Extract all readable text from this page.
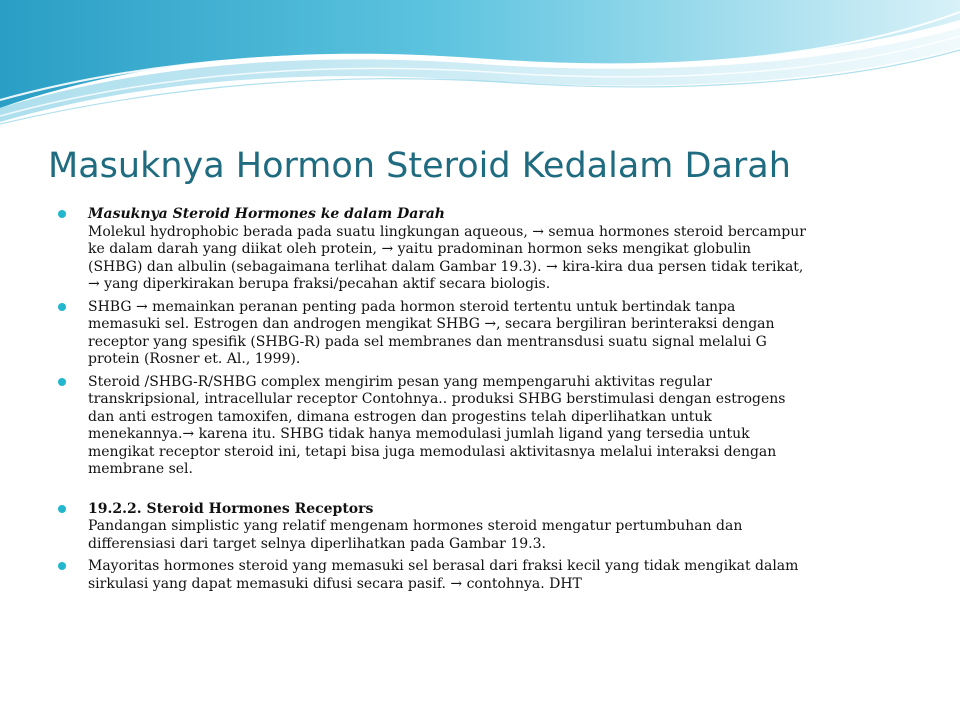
Masuknya Hormon Steroid Kedalam Darah
Masuknya Steroid Hormones ke dalam Darah
Molekul hydrophobic berada pada suatu lingkungan aqueous, → semua hormones steroid bercampur
ke dalam darah yang diikat oleh protein, → yaitu pradominan hormon seks mengikat globulin
(SHBG) dan albulin (sebagaimana terlihat dalam Gambar 19.3). → kira-kira dua persen tidak terikat,
→ yang diperkirakan berupa fraksi/pecahan aktif secara biologis.
SHBG → memainkan peranan penting pada hormon steroid tertentu untuk bertindak tanpa
memasuki sel. Estrogen dan androgen mengikat SHBG →, secara bergiliran berinteraksi dengan
receptor yang spesifik (SHBG-R) pada sel membranes dan mentransdusi suatu signal melalui G
protein (Rosner et. Al., 1999).
Steroid /SHBG-R/SHBG complex mengirim pesan yang mempengaruhi aktivitas regular
transkripsional, intracellular receptor Contohnya.. produksi SHBG berstimulasi dengan estrogens
dan anti estrogen tamoxifen, dimana estrogen dan progestins telah diperlihatkan untuk
menekannya.→ karena itu. SHBG tidak hanya memodulasi jumlah ligand yang tersedia untuk
mengikat receptor steroid ini, tetapi bisa juga memodulasi aktivitasnya melalui interaksi dengan
membrane sel.
19.2.2. Steroid Hormones Receptors
Pandangan simplistic yang relatif mengenam hormones steroid mengatur pertumbuhan dan
differensiasi dari target selnya diperlihatkan pada Gambar 19.3.
Mayoritas hormones steroid yang memasuki sel berasal dari fraksi kecil yang tidak mengikat dalam
sirkulasi yang dapat memasuki difusi secara pasif. → contohnya. DHT
